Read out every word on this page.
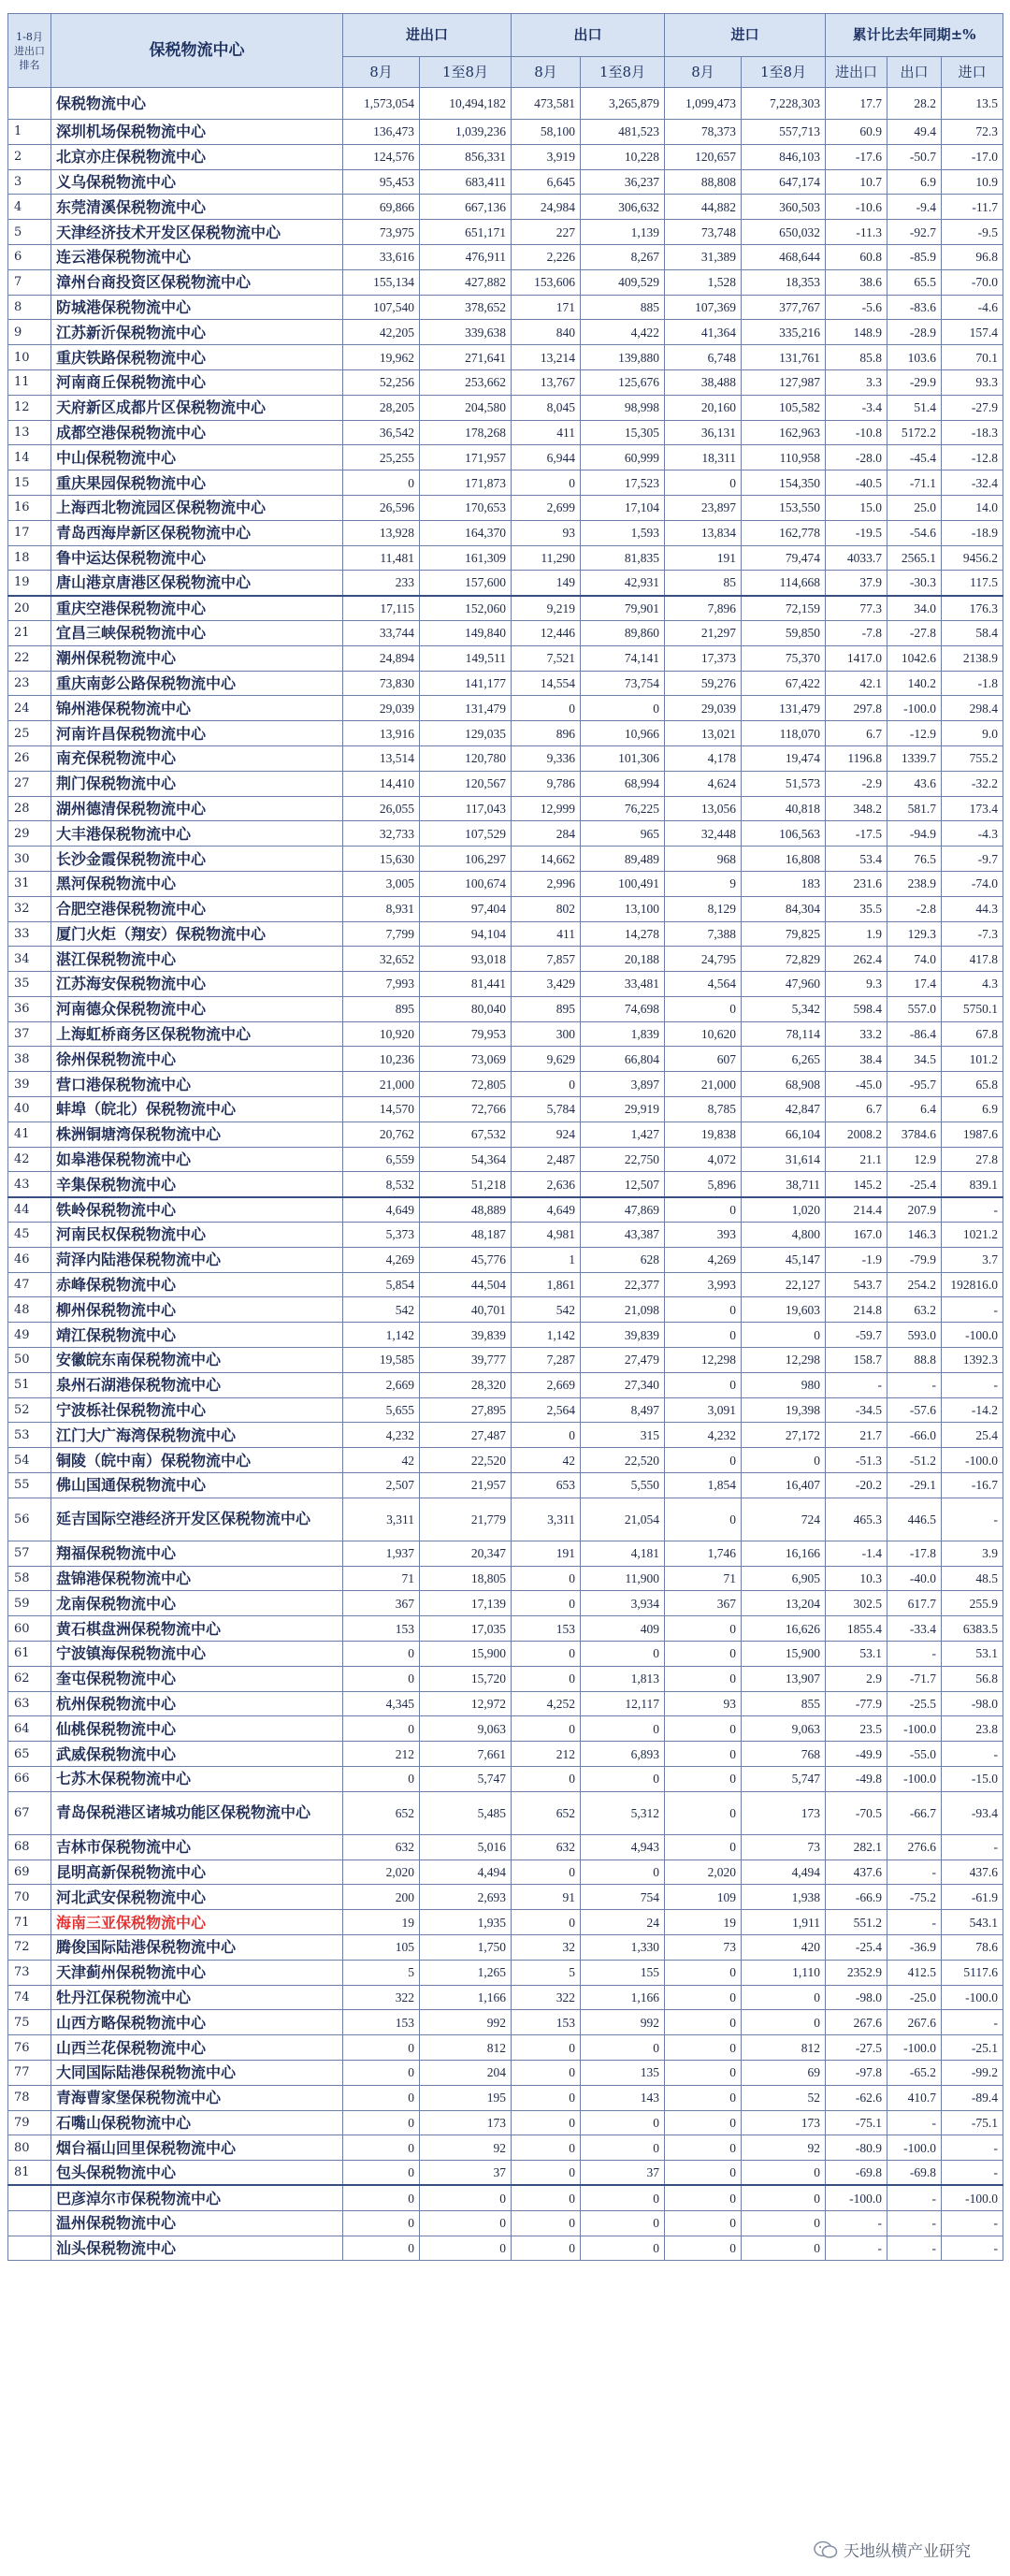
1-8月进出口排名	保税物流中心	进出口		出口		进口		累计比去年同期±%		
		8月	1至8月	8月	1至8月	8月	1至8月	进出口	出口	进口
	保税物流中心	1,573,054	10,494,182	473,581	3,265,879	1,099,473	7,228,303	17.7	28.2	13.5
1	深圳机场保税物流中心	136,473	1,039,236	58,100	481,523	78,373	557,713	60.9	49.4	72.3
2	北京亦庄保税物流中心	124,576	856,331	3,919	10,228	120,657	846,103	-17.6	-50.7	-17.0
3	义乌保税物流中心	95,453	683,411	6,645	36,237	88,808	647,174	10.7	6.9	10.9
4	东莞清溪保税物流中心	69,866	667,136	24,984	306,632	44,882	360,503	-10.6	-9.4	-11.7
5	天津经济技术开发区保税物流中心	73,975	651,171	227	1,139	73,748	650,032	-11.3	-92.7	-9.5
6	连云港保税物流中心	33,616	476,911	2,226	8,267	31,389	468,644	60.8	-85.9	96.8
7	漳州台商投资区保税物流中心	155,134	427,882	153,606	409,529	1,528	18,353	38.6	65.5	-70.0
8	防城港保税物流中心	107,540	378,652	171	885	107,369	377,767	-5.6	-83.6	-4.6
9	江苏新沂保税物流中心	42,205	339,638	840	4,422	41,364	335,216	148.9	-28.9	157.4
10	重庆铁路保税物流中心	19,962	271,641	13,214	139,880	6,748	131,761	85.8	103.6	70.1
11	河南商丘保税物流中心	52,256	253,662	13,767	125,676	38,488	127,987	3.3	-29.9	93.3
12	天府新区成都片区保税物流中心	28,205	204,580	8,045	98,998	20,160	105,582	-3.4	51.4	-27.9
13	成都空港保税物流中心	36,542	178,268	411	15,305	36,131	162,963	-10.8	5172.2	-18.3
14	中山保税物流中心	25,255	171,957	6,944	60,999	18,311	110,958	-28.0	-45.4	-12.8
15	重庆果园保税物流中心	0	171,873	0	17,523	0	154,350	-40.5	-71.1	-32.4
16	上海西北物流园区保税物流中心	26,596	170,653	2,699	17,104	23,897	153,550	15.0	25.0	14.0
17	青岛西海岸新区保税物流中心	13,928	164,370	93	1,593	13,834	162,778	-19.5	-54.6	-18.9
18	鲁中运达保税物流中心	11,481	161,309	11,290	81,835	191	79,474	4033.7	2565.1	9456.2
19	唐山港京唐港区保税物流中心	233	157,600	149	42,931	85	114,668	37.9	-30.3	117.5
20	重庆空港保税物流中心	17,115	152,060	9,219	79,901	7,896	72,159	77.3	34.0	176.3
21	宜昌三峡保税物流中心	33,744	149,840	12,446	89,860	21,297	59,850	-7.8	-27.8	58.4
22	潮州保税物流中心	24,894	149,511	7,521	74,141	17,373	75,370	1417.0	1042.6	2138.9
23	重庆南彭公路保税物流中心	73,830	141,177	14,554	73,754	59,276	67,422	42.1	140.2	-1.8
24	锦州港保税物流中心	29,039	131,479	0	0	29,039	131,479	297.8	-100.0	298.4
25	河南许昌保税物流中心	13,916	129,035	896	10,966	13,021	118,070	6.7	-12.9	9.0
26	南充保税物流中心	13,514	120,780	9,336	101,306	4,178	19,474	1196.8	1339.7	755.2
27	荆门保税物流中心	14,410	120,567	9,786	68,994	4,624	51,573	-2.9	43.6	-32.2
28	湖州德清保税物流中心	26,055	117,043	12,999	76,225	13,056	40,818	348.2	581.7	173.4
29	大丰港保税物流中心	32,733	107,529	284	965	32,448	106,563	-17.5	-94.9	-4.3
30	长沙金霞保税物流中心	15,630	106,297	14,662	89,489	968	16,808	53.4	76.5	-9.7
31	黑河保税物流中心	3,005	100,674	2,996	100,491	9	183	231.6	238.9	-74.0
32	合肥空港保税物流中心	8,931	97,404	802	13,100	8,129	84,304	35.5	-2.8	44.3
33	厦门火炬（翔安）保税物流中心	7,799	94,104	411	14,278	7,388	79,825	1.9	129.3	-7.3
34	湛江保税物流中心	32,652	93,018	7,857	20,188	24,795	72,829	262.4	74.0	417.8
35	江苏海安保税物流中心	7,993	81,441	3,429	33,481	4,564	47,960	9.3	17.4	4.3
36	河南德众保税物流中心	895	80,040	895	74,698	0	5,342	598.4	557.0	5750.1
37	上海虹桥商务区保税物流中心	10,920	79,953	300	1,839	10,620	78,114	33.2	-86.4	67.8
38	徐州保税物流中心	10,236	73,069	9,629	66,804	607	6,265	38.4	34.5	101.2
39	营口港保税物流中心	21,000	72,805	0	3,897	21,000	68,908	-45.0	-95.7	65.8
40	蚌埠（皖北）保税物流中心	14,570	72,766	5,784	29,919	8,785	42,847	6.7	6.4	6.9
41	株洲铜塘湾保税物流中心	20,762	67,532	924	1,427	19,838	66,104	2008.2	3784.6	1987.6
42	如皋港保税物流中心	6,559	54,364	2,487	22,750	4,072	31,614	21.1	12.9	27.8
43	辛集保税物流中心	8,532	51,218	2,636	12,507	5,896	38,711	145.2	-25.4	839.1
44	铁岭保税物流中心	4,649	48,889	4,649	47,869	0	1,020	214.4	207.9	-
45	河南民权保税物流中心	5,373	48,187	4,981	43,387	393	4,800	167.0	146.3	1021.2
46	菏泽内陆港保税物流中心	4,269	45,776	1	628	4,269	45,147	-1.9	-79.9	3.7
47	赤峰保税物流中心	5,854	44,504	1,861	22,377	3,993	22,127	543.7	254.2	192816.0
48	柳州保税物流中心	542	40,701	542	21,098	0	19,603	214.8	63.2	-
49	靖江保税物流中心	1,142	39,839	1,142	39,839	0	0	-59.7	593.0	-100.0
50	安徽皖东南保税物流中心	19,585	39,777	7,287	27,479	12,298	12,298	158.7	88.8	1392.3
51	泉州石湖港保税物流中心	2,669	28,320	2,669	27,340	0	980	-	-	-
52	宁波栎社保税物流中心	5,655	27,895	2,564	8,497	3,091	19,398	-34.5	-57.6	-14.2
53	江门大广海湾保税物流中心	4,232	27,487	0	315	4,232	27,172	21.7	-66.0	25.4
54	铜陵（皖中南）保税物流中心	42	22,520	42	22,520	0	0	-51.3	-51.2	-100.0
55	佛山国通保税物流中心	2,507	21,957	653	5,550	1,854	16,407	-20.2	-29.1	-16.7
56	延吉国际空港经济开发区保税物流中心	3,311	21,779	3,311	21,054	0	724	465.3	446.5	-
57	翔福保税物流中心	1,937	20,347	191	4,181	1,746	16,166	-1.4	-17.8	3.9
58	盘锦港保税物流中心	71	18,805	0	11,900	71	6,905	10.3	-40.0	48.5
59	龙南保税物流中心	367	17,139	0	3,934	367	13,204	302.5	617.7	255.9
60	黄石棋盘洲保税物流中心	153	17,035	153	409	0	16,626	1855.4	-33.4	6383.5
61	宁波镇海保税物流中心	0	15,900	0	0	0	15,900	53.1	-	53.1
62	奎屯保税物流中心	0	15,720	0	1,813	0	13,907	2.9	-71.7	56.8
63	杭州保税物流中心	4,345	12,972	4,252	12,117	93	855	-77.9	-25.5	-98.0
64	仙桃保税物流中心	0	9,063	0	0	0	9,063	23.5	-100.0	23.8
65	武威保税物流中心	212	7,661	212	6,893	0	768	-49.9	-55.0	-
66	七苏木保税物流中心	0	5,747	0	0	0	5,747	-49.8	-100.0	-15.0
67	青岛保税港区诸城功能区保税物流中心	652	5,485	652	5,312	0	173	-70.5	-66.7	-93.4
68	吉林市保税物流中心	632	5,016	632	4,943	0	73	282.1	276.6	-
69	昆明高新保税物流中心	2,020	4,494	0	0	2,020	4,494	437.6	-	437.6
70	河北武安保税物流中心	200	2,693	91	754	109	1,938	-66.9	-75.2	-61.9
71	海南三亚保税物流中心	19	1,935	0	24	19	1,911	551.2	-	543.1
72	腾俊国际陆港保税物流中心	105	1,750	32	1,330	73	420	-25.4	-36.9	78.6
73	天津蓟州保税物流中心	5	1,265	5	155	0	1,110	2352.9	412.5	5117.6
74	牡丹江保税物流中心	322	1,166	322	1,166	0	0	-98.0	-25.0	-100.0
75	山西方略保税物流中心	153	992	153	992	0	0	267.6	267.6	-
76	山西兰花保税物流中心	0	812	0	0	0	812	-27.5	-100.0	-25.1
77	大同国际陆港保税物流中心	0	204	0	135	0	69	-97.8	-65.2	-99.2
78	青海曹家堡保税物流中心	0	195	0	143	0	52	-62.6	410.7	-89.4
79	石嘴山保税物流中心	0	173	0	0	0	173	-75.1	-	-75.1
80	烟台福山回里保税物流中心	0	92	0	0	0	92	-80.9	-100.0	-
81	包头保税物流中心	0	37	0	37	0	0	-69.8	-69.8	-
	巴彦淖尔市保税物流中心	0	0	0	0	0	0	-100.0	-	-100.0
	温州保税物流中心	0	0	0	0	0	0	-	-	-
	汕头保税物流中心	0	0	0	0	0	0	-	-	-
天地纵横产业研究
